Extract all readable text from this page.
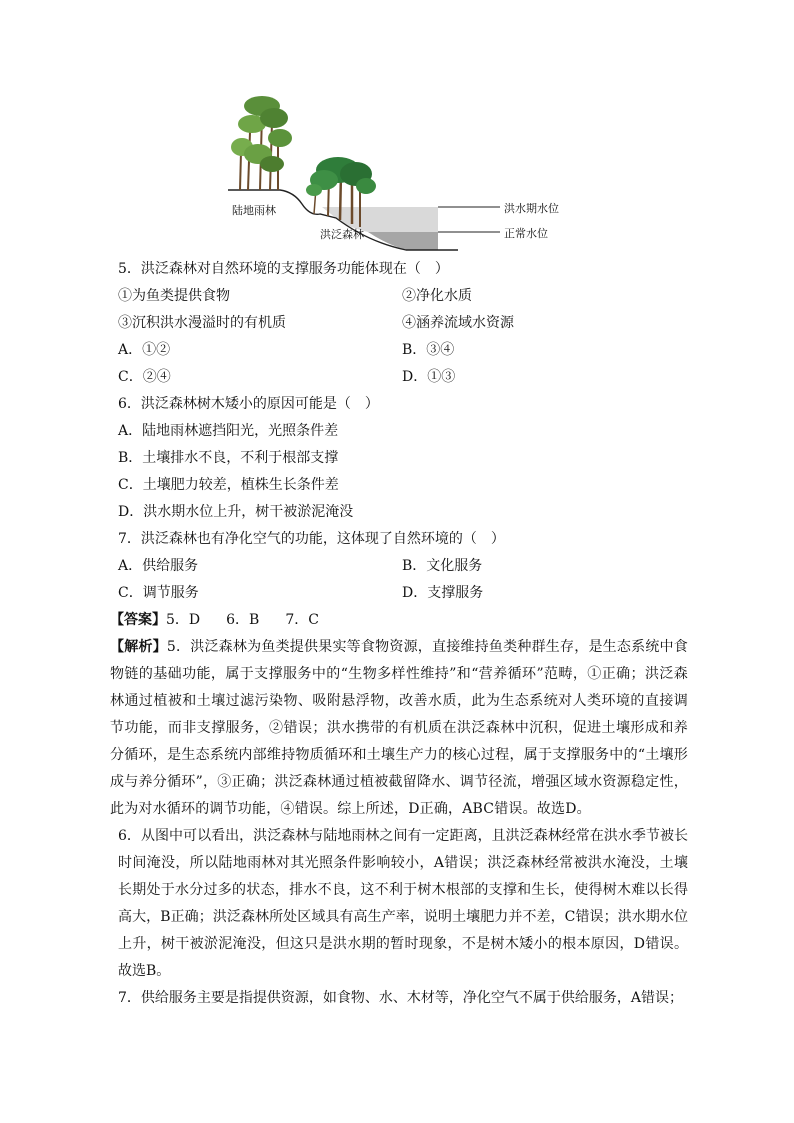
陆地雨林
洪泛森林
洪水期水位
正常水位
5．洪泛森林对自然环境的支撑服务功能体现在（　）
①为鱼类提供食物	②净化水质
③沉积洪水漫溢时的有机质	④涵养流域水资源
A．①②	B．③④
C．②④	D．①③
6．洪泛森林树木矮小的原因可能是（　）
A．陆地雨林遮挡阳光，光照条件差
B．土壤排水不良，不利于根部支撑
C．土壤肥力较差，植株生长条件差
D．洪水期水位上升，树干被淤泥淹没
7．洪泛森林也有净化空气的功能，这体现了自然环境的（　）
A．供给服务	B．文化服务
C．调节服务	D．支撑服务
【答案】5．D 6．B 7．C

【解析】5．洪泛森林为鱼类提供果实等食物资源，直接维持鱼类种群生存，是生态系统中食物链的基础功能，属于支撑服务中的“生物多样性维持”和“营养循环”范畴，①正确；洪泛森林通过植被和土壤过滤污染物、吸附悬浮物，改善水质，此为生态系统对人类环境的直接调节功能，而非支撑服务，②错误；洪水携带的有机质在洪泛森林中沉积，促进土壤形成和养分循环，是生态系统内部维持物质循环和土壤生产力的核心过程，属于支撑服务中的“土壤形成与养分循环”，③正确；洪泛森林通过植被截留降水、调节径流，增强区域水资源稳定性，此为对水循环的调节功能，④错误。综上所述，D正确，ABC错误。故选D。

6．从图中可以看出，洪泛森林与陆地雨林之间有一定距离，且洪泛森林经常在洪水季节被长时间淹没，所以陆地雨林对其光照条件影响较小，A错误；洪泛森林经常被洪水淹没，土壤长期处于水分过多的状态，排水不良，这不利于树木根部的支撑和生长，使得树木难以长得高大，B正确；洪泛森林所处区域具有高生产率，说明土壤肥力并不差，C错误；洪水期水位上升，树干被淤泥淹没，但这只是洪水期的暂时现象，不是树木矮小的根本原因，D错误。故选B。

7．供给服务主要是指提供资源，如食物、水、木材等，净化空气不属于供给服务，A错误；
